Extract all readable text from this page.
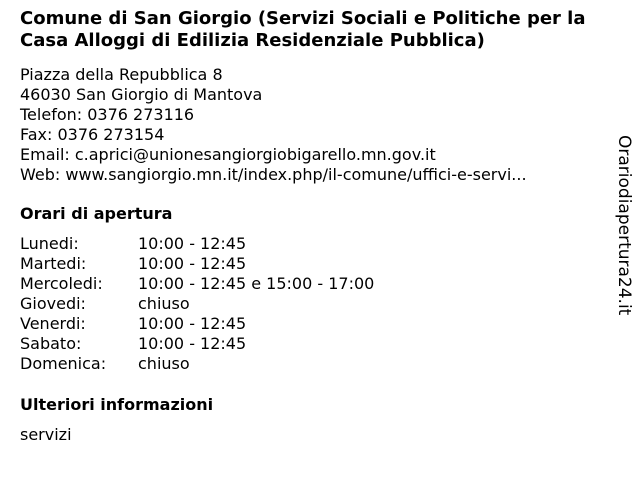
Comune di San Giorgio (Servizi Sociali e Politiche per la Casa Alloggi di Edilizia Residenziale Pubblica)
Piazza della Repubblica 8
46030 San Giorgio di Mantova
Telefon: 0376 273116
Fax: 0376 273154
Email: c.aprici@unionesangiorgiobigarello.mn.gov.it
Web: www.sangiorgio.mn.it/index.php/il-comune/uffici-e-servi...
Orari di apertura
Lunedi:	10:00 - 12:45
Martedi:	10:00 - 12:45
Mercoledi:	10:00 - 12:45 e 15:00 - 17:00
Giovedi:	chiuso
Venerdi:	10:00 - 12:45
Sabato:	10:00 - 12:45
Domenica:	chiuso
Ulteriori informazioni
servizi
Orariodiapertura24.it
